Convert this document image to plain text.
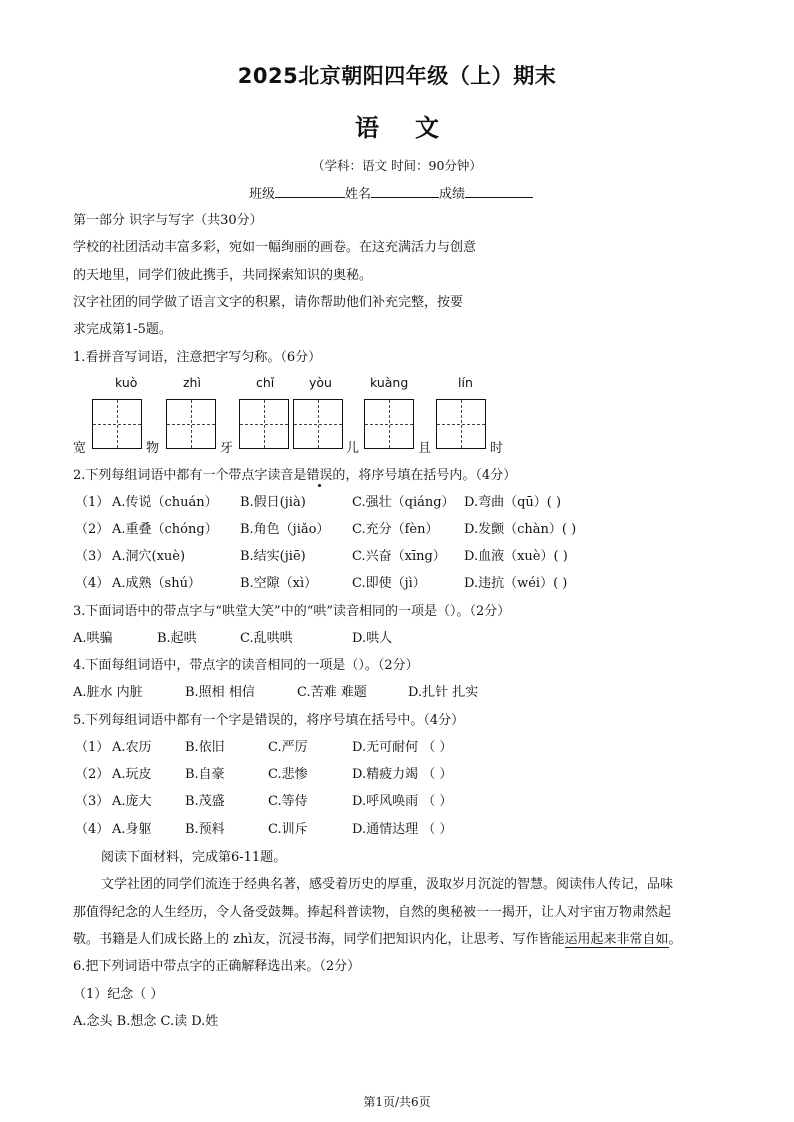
2025北京朝阳四年级（上）期末
语文
（学科：语文 时间：90分钟）
班级	姓名	成绩
第一部分 识字与写字（共30分）
学校的社团活动丰富多彩，宛如一幅绚丽的画卷。在这充满活力与创意
的天地里，同学们彼此携手，共同探索知识的奥秘。
汉字社团的同学做了语言文字的积累，请你帮助他们补充完整，按要
求完成第1-5题。
1.看拼音写词语，注意把字写匀称。（6分）
kuò	zhì	chǐ	yòu	kuàng	lín
宽	物	牙	儿	且	时
2.下列每组词语中都有一个带点字读音是错误的，将序号填在括号内。（4分）
（1） A.传说（chuán） B.假日(jià)	C.强壮（qiáng） D.弯曲（qū）( )
（2） A.重叠（chóng） B.角色（jiǎo） C.充分（fèn） D.发颤（chàn）( )
（3） A.洞穴(xuè)	B.结实(jiē)	C.兴奋（xīng） D.血液（xuè）( )
（4） A.成熟（shú）	B.空隙（xì）	C.即使（jì）	D.违抗（wéi）( )
3.下面词语中的带点字与“哄堂大笑”中的“哄”读音相同的一项是（）。（2分）
A.哄骗	B.起哄	C.乱哄哄	D.哄人
4.下面每组词语中，带点字的读音相同的一项是（）。（2分）
A.脏水 内脏	B.照相 相信	C.苦难 难题	D.扎针 扎实
5.下列每组词语中都有一个字是错误的，将序号填在括号中。（4分）
（1） A.农历	B.依旧	C.严厉	D.无可耐何 （ ）
（2） A.玩皮	B.自豪	C.悲惨	D.精疲力竭 （ ）
（3） A.庞大	B.茂盛	C.等侍	D.呼风唤雨 （ ）
（4） A.身躯	B.预料	C.训斥	D.通情达理 （ ）
阅读下面材料，完成第6-11题。
文学社团的同学们流连于经典名著，感受着历史的厚重，汲取岁月沉淀的智慧。阅读伟人传记，品味
那值得纪念的人生经历，令人备受鼓舞。捧起科普读物，自然的奥秘被一一揭开，让人对宇宙万物肃然起
敬。书籍是人们成长路上的 zhì友，沉浸书海，同学们把知识内化，让思考、写作皆能运用起来非常自如。
6.把下列词语中带点字的正确解释选出来。（2分）
（1）纪念（ ）
A.念头 B.想念 C.读 D.姓
第1页/共6页
